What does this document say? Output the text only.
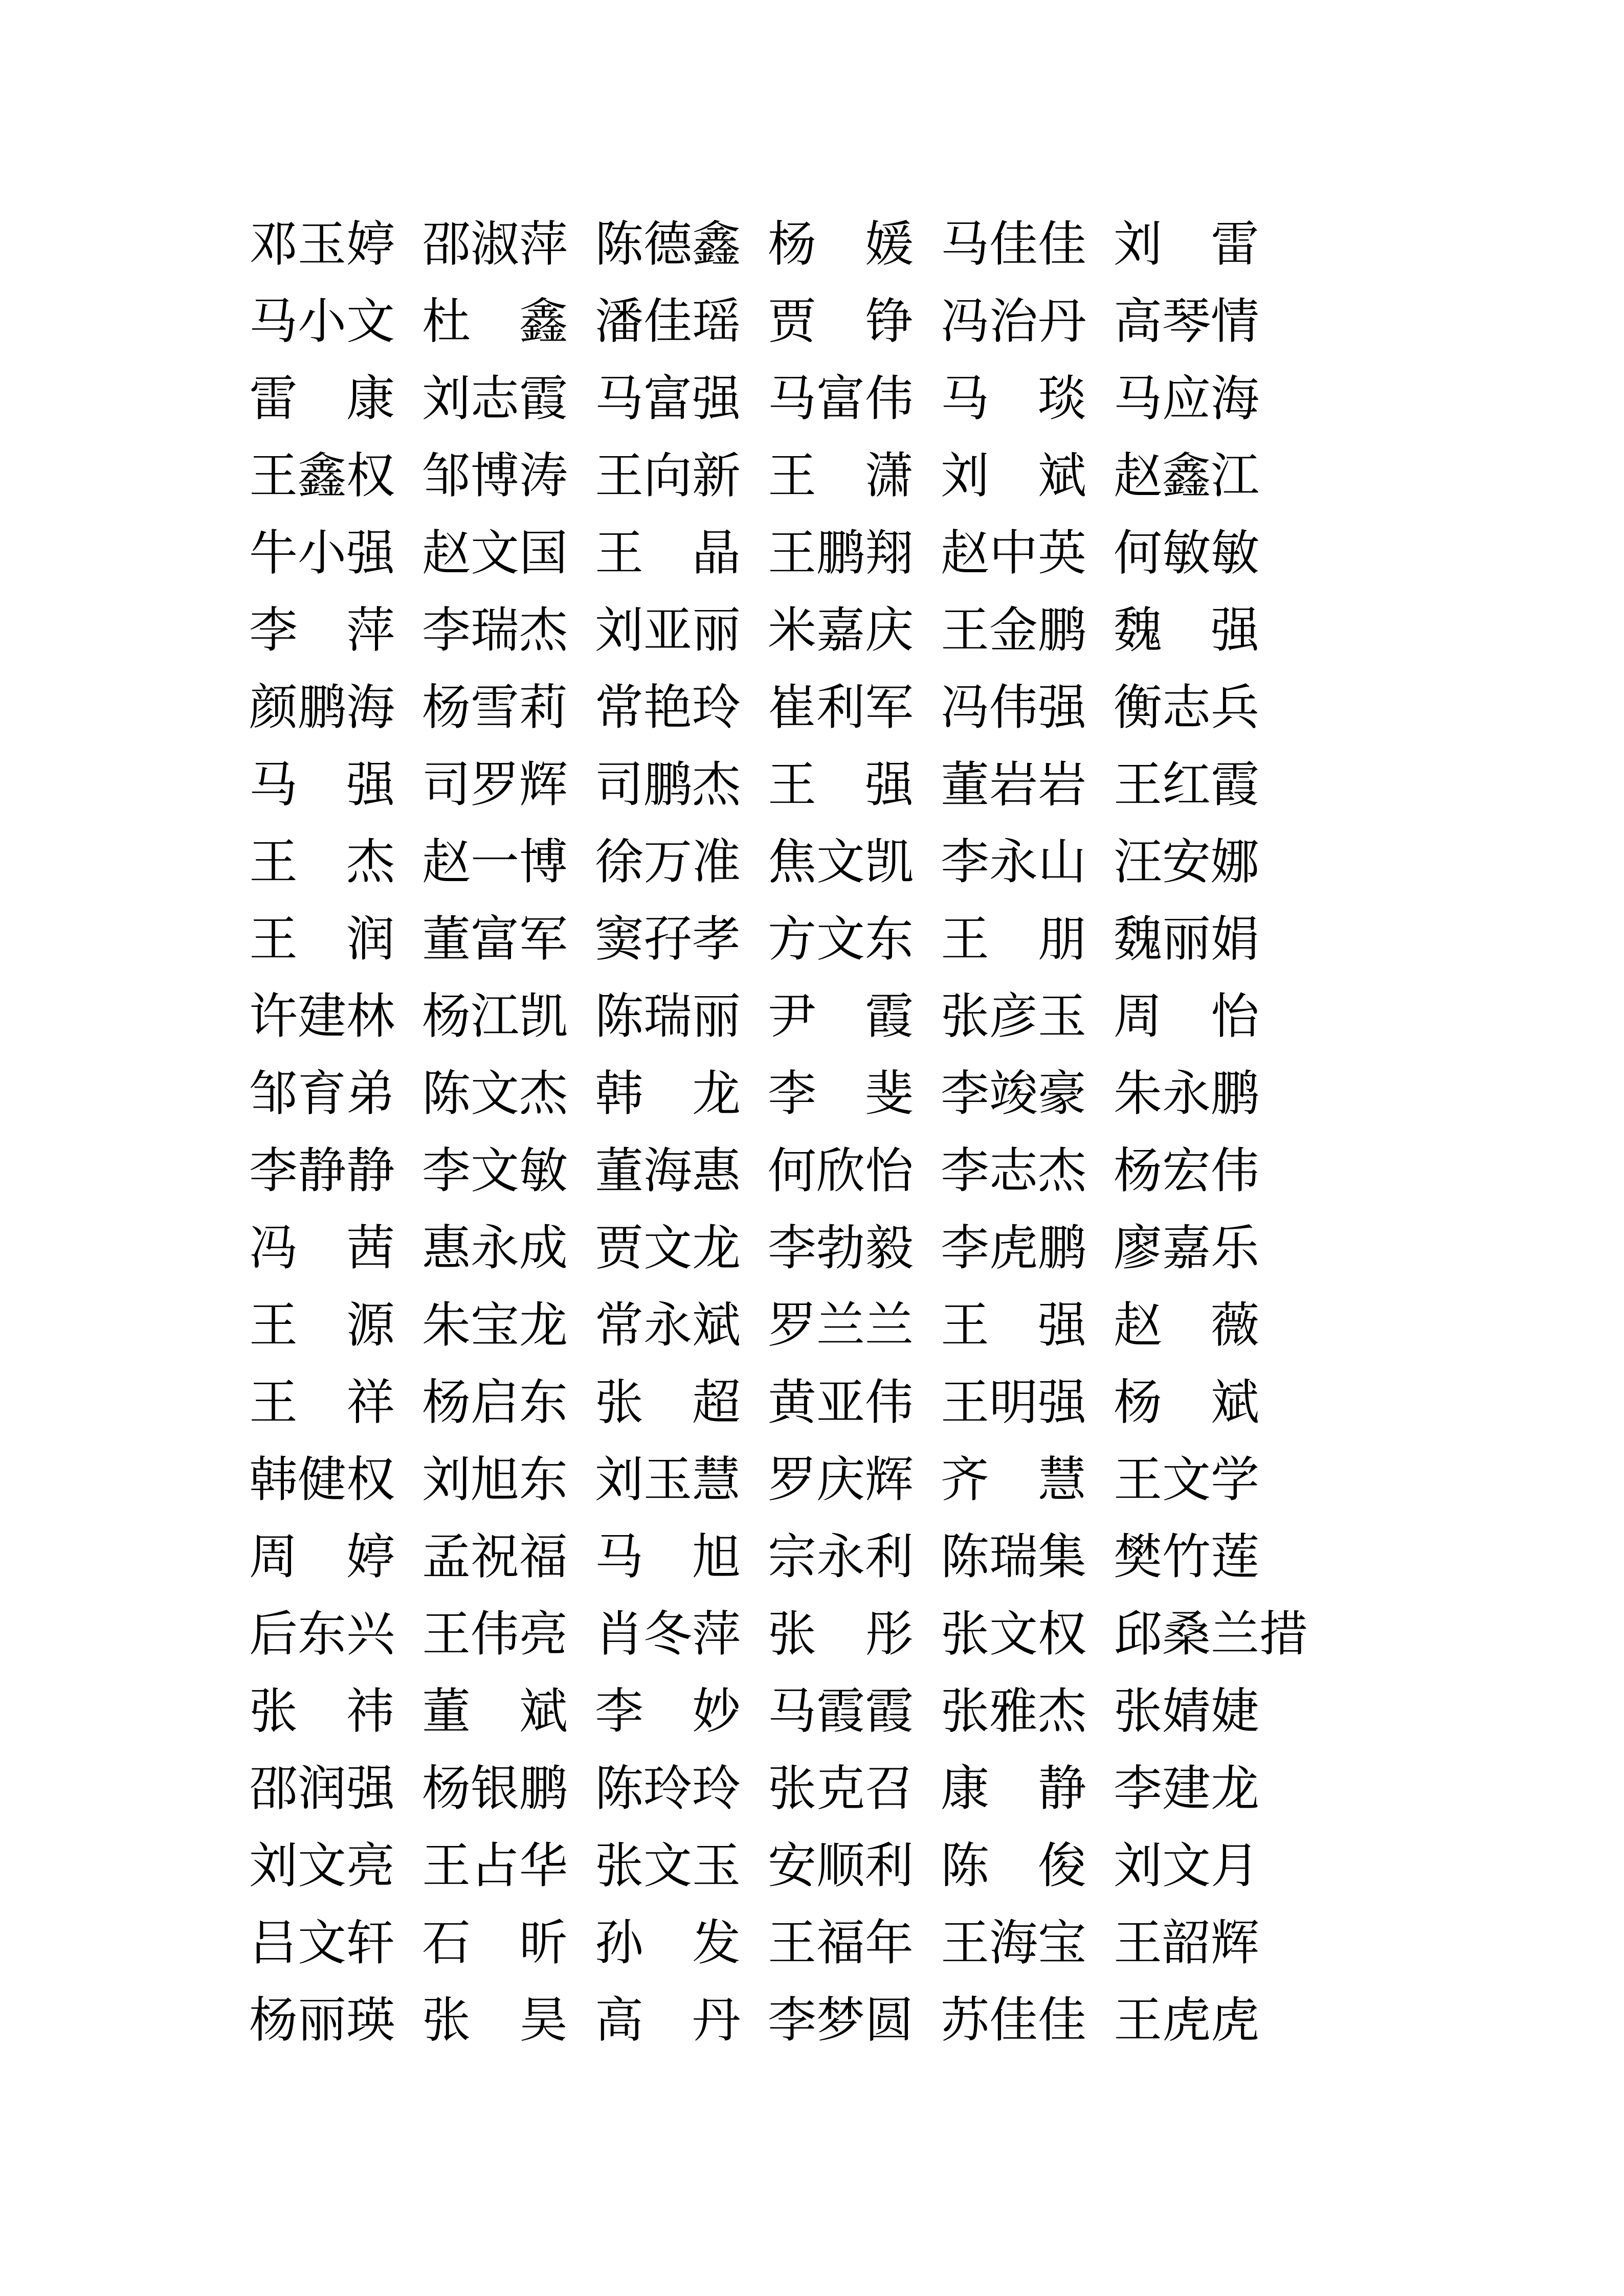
邓玉婷 邵淑萍 陈德鑫 杨　媛 马佳佳 刘　雷
马小文 杜　鑫 潘佳瑶 贾　铮 冯治丹 高琴情
雷　康 刘志霞 马富强 马富伟 马　琰 马应海
王鑫权 邹博涛 王向新 王　潇 刘　斌 赵鑫江
牛小强 赵文国 王　晶 王鹏翔 赵中英 何敏敏
李　萍 李瑞杰 刘亚丽 米嘉庆 王金鹏 魏　强
颜鹏海 杨雪莉 常艳玲 崔利军 冯伟强 衡志兵
马　强 司罗辉 司鹏杰 王　强 董岩岩 王红霞
王　杰 赵一博 徐万准 焦文凯 李永山 汪安娜
王　润 董富军 窦孖孝 方文东 王　朋 魏丽娟
许建林 杨江凯 陈瑞丽 尹　霞 张彦玉 周　怡
邹育弟 陈文杰 韩　龙 李　斐 李竣豪 朱永鹏
李静静 李文敏 董海惠 何欣怡 李志杰 杨宏伟
冯　茜 惠永成 贾文龙 李勃毅 李虎鹏 廖嘉乐
王　源 朱宝龙 常永斌 罗兰兰 王　强 赵　薇
王　祥 杨启东 张　超 黄亚伟 王明强 杨　斌
韩健权 刘旭东 刘玉慧 罗庆辉 齐　慧 王文学
周　婷 孟祝福 马　旭 宗永利 陈瑞集 樊竹莲
后东兴 王伟亮 肖冬萍 张　彤 张文权 邱桑兰措
张　祎 董　斌 李　妙 马霞霞 张雅杰 张婧婕
邵润强 杨银鹏 陈玲玲 张克召 康　静 李建龙
刘文亮 王占华 张文玉 安顺利 陈　俊 刘文月
吕文轩 石　昕 孙　发 王福年 王海宝 王韶辉
杨丽瑛 张　昊 高　丹 李梦圆 苏佳佳 王虎虎
